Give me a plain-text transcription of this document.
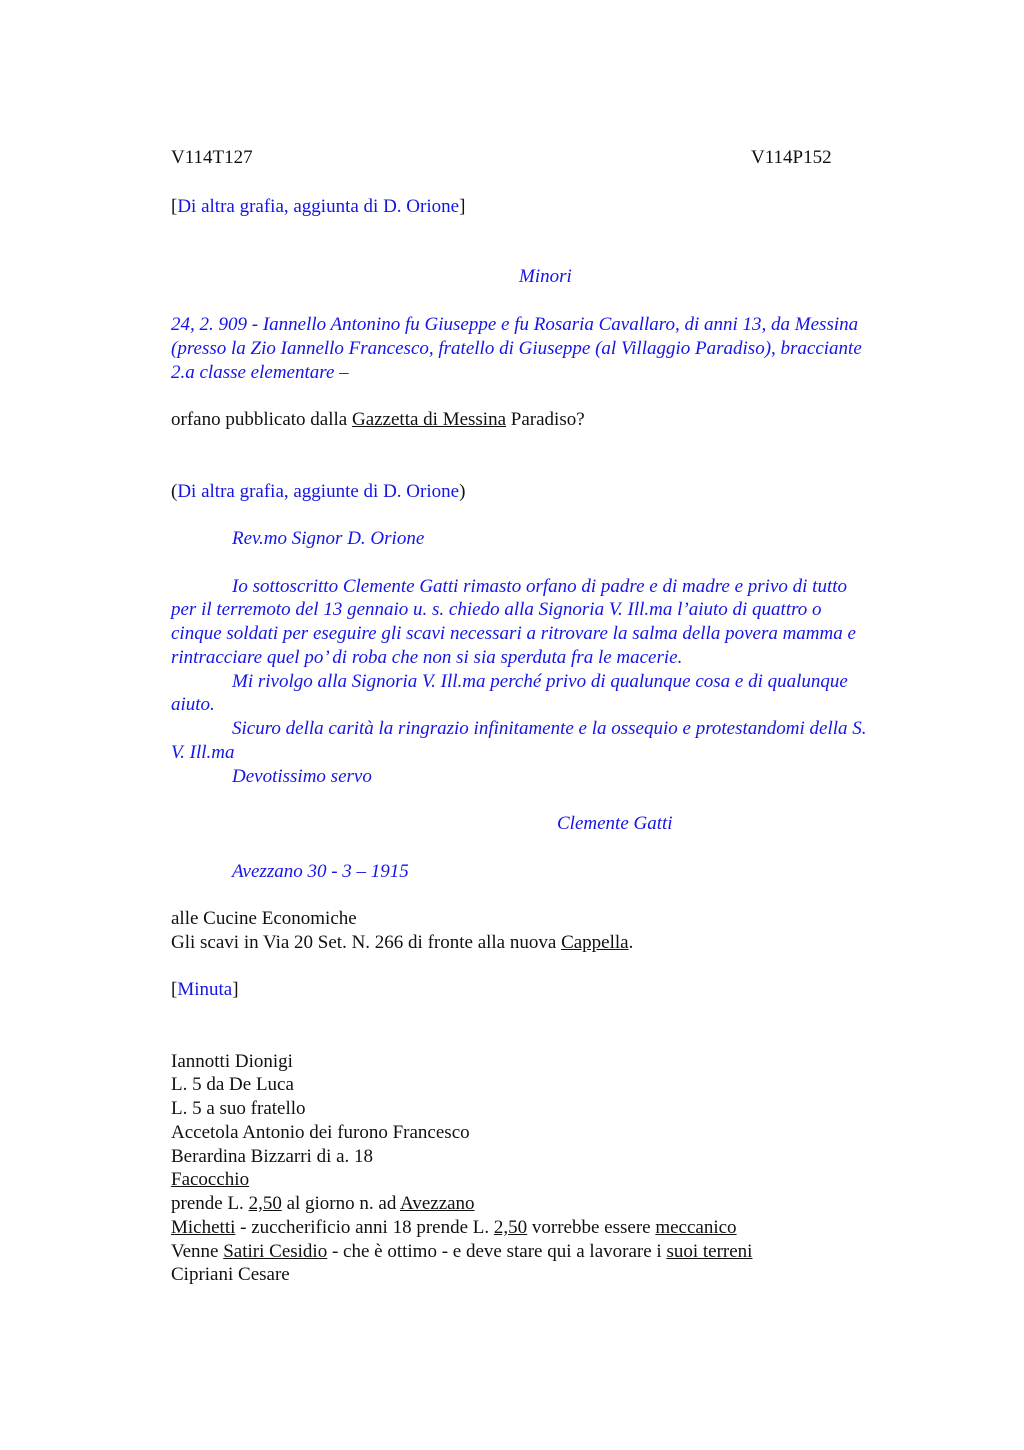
V114T127	V114P152
[Di altra grafia, aggiunta di D. Orione]
Minori
24, 2. 909 - Iannello Antonino fu Giuseppe e fu Rosaria Cavallaro, di anni 13, da Messina
(presso la Zio Iannello Francesco, fratello di Giuseppe (al Villaggio Paradiso), bracciante
2.a classe elementare –
orfano pubblicato dalla Gazzetta di Messina Paradiso?
(Di altra grafia, aggiunte di D. Orione)
Rev.mo Signor D. Orione
Io sottoscritto Clemente Gatti rimasto orfano di padre e di madre e privo di tutto
per il terremoto del 13 gennaio u. s. chiedo alla Signoria V. Ill.ma l’aiuto di quattro o
cinque soldati per eseguire gli scavi necessari a ritrovare la salma della povera mamma e
rintracciare quel po’ di roba che non si sia sperduta fra le macerie.
Mi rivolgo alla Signoria V. Ill.ma perché privo di qualunque cosa e di qualunque
aiuto.
Sicuro della carità la ringrazio infinitamente e la ossequio e protestandomi della S.
V. Ill.ma
Devotissimo servo
Clemente Gatti
Avezzano 30 - 3 – 1915
alle Cucine Economiche
Gli scavi in Via 20 Set. N. 266 di fronte alla nuova Cappella.
[Minuta]
Iannotti Dionigi
L. 5 da De Luca
L. 5 a suo fratello
Accetola Antonio dei furono Francesco
Berardina Bizzarri di a. 18
Facocchio
prende L. 2,50 al giorno n. ad Avezzano
Michetti - zuccherificio anni 18 prende L. 2,50 vorrebbe essere meccanico
Venne Satiri Cesidio - che è ottimo - e deve stare qui a lavorare i suoi terreni
Cipriani Cesare
